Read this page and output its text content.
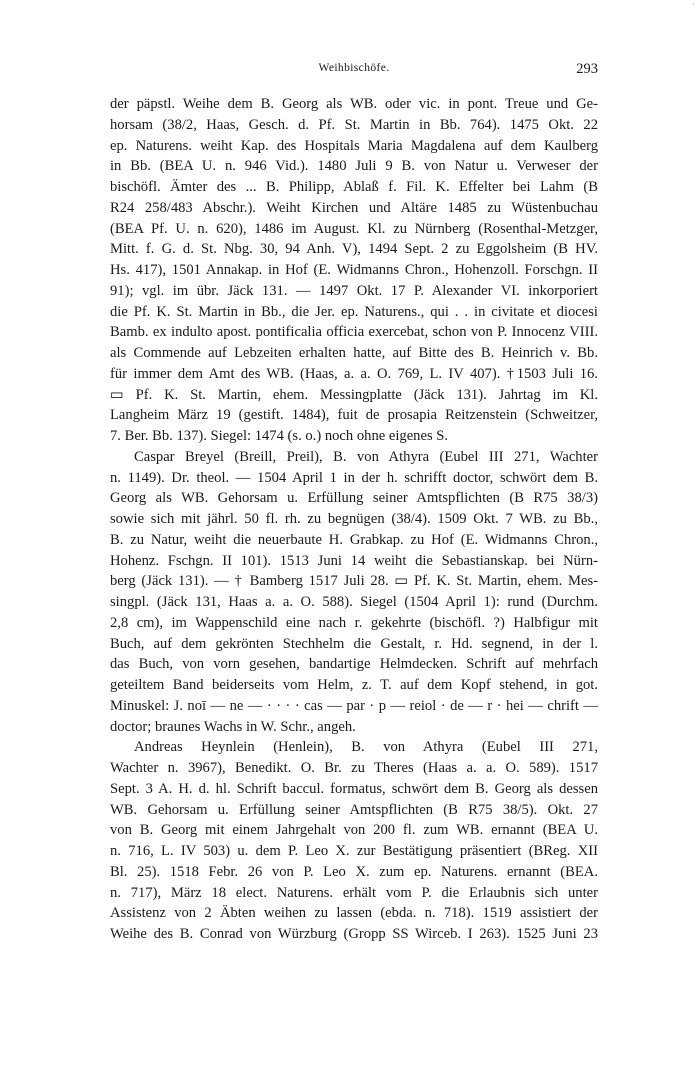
'
Weihbischöfe.	293
der päpstl. Weihe dem B. Georg als WB. oder vic. in pont. Treue und Ge-
horsam (38/2, Haas, Gesch. d. Pf. St. Martin in Bb. 764). 1475 Okt. 22
ep. Naturens. weiht Kap. des Hospitals Maria Magdalena auf dem Kaulberg
in Bb. (BEA U. n. 946 Vid.). 1480 Juli 9 B. von Natur u. Verweser der
bischöfl. Ämter des ... B. Philipp, Ablaß f. Fil. K. Effelter bei Lahm (B
R24 258/483 Abschr.). Weiht Kirchen und Altäre 1485 zu Wüstenbuchau
(BEA Pf. U. n. 620), 1486 im August. Kl. zu Nürnberg (Rosenthal-Metzger,
Mitt. f. G. d. St. Nbg. 30, 94 Anh. V), 1494 Sept. 2 zu Eggolsheim (B HV.
Hs. 417), 1501 Annakap. in Hof (E. Widmanns Chron., Hohenzoll. Forschgn. II
91); vgl. im übr. Jäck 131. — 1497 Okt. 17 P. Alexander VI. inkorporiert
die Pf. K. St. Martin in Bb., die Jer. ep. Naturens., qui . . in civitate et diocesi
Bamb. ex indulto apost. pontificalia officia exercebat, schon von P. Innocenz VIII.
als Commende auf Lebzeiten erhalten hatte, auf Bitte des B. Heinrich v. Bb.
für immer dem Amt des WB. (Haas, a. a. O. 769, L. IV 407). †1503 Juli 16.
▭ Pf. K. St. Martin, ehem. Messingplatte (Jäck 131). Jahrtag im Kl.
Langheim März 19 (gestift. 1484), fuit de prosapia Reitzenstein (Schweitzer,
7. Ber. Bb. 137). Siegel: 1474 (s. o.) noch ohne eigenes S.
Caspar Breyel (Breill, Preil), B. von Athyra (Eubel III 271, Wachter
n. 1149). Dr. theol. — 1504 April 1 in der h. schrifft doctor, schwört dem B.
Georg als WB. Gehorsam u. Erfüllung seiner Amtspflichten (B R75 38/3)
sowie sich mit jährl. 50 fl. rh. zu begnügen (38/4). 1509 Okt. 7 WB. zu Bb.,
B. zu Natur, weiht die neuerbaute H. Grabkap. zu Hof (E. Widmanns Chron.,
Hohenz. Fschgn. II 101). 1513 Juni 14 weiht die Sebastianskap. bei Nürn-
berg (Jäck 131). — † Bamberg 1517 Juli 28. ▭ Pf. K. St. Martin, ehem. Mes-
singpl. (Jäck 131, Haas a. a. O. 588). Siegel (1504 April 1): rund (Durchm.
2,8 cm), im Wappenschild eine nach r. gekehrte (bischöfl. ?) Halbfigur mit
Buch, auf dem gekrönten Stechhelm die Gestalt, r. Hd. segnend, in der l.
das Buch, von vorn gesehen, bandartige Helmdecken. Schrift auf mehrfach
geteiltem Band beiderseits vom Helm, z. T. auf dem Kopf stehend, in got.
Minuskel: J. noī — ne — · · · · cas — par · p — reiol · de — r · hei — chrift —
doctor; braunes Wachs in W. Schr., angeh.
Andreas Heynlein (Henlein), B. von Athyra (Eubel III 271,
Wachter n. 3967), Benedikt. O. Br. zu Theres (Haas a. a. O. 589). 1517
Sept. 3 A. H. d. hl. Schrift baccul. formatus, schwört dem B. Georg als dessen
WB. Gehorsam u. Erfüllung seiner Amtspflichten (B R75 38/5). Okt. 27
von B. Georg mit einem Jahrgehalt von 200 fl. zum WB. ernannt (BEA U.
n. 716, L. IV 503) u. dem P. Leo X. zur Bestätigung präsentiert (BReg. XII
Bl. 25). 1518 Febr. 26 von P. Leo X. zum ep. Naturens. ernannt (BEA.
n. 717), März 18 elect. Naturens. erhält vom P. die Erlaubnis sich unter
Assistenz von 2 Äbten weihen zu lassen (ebda. n. 718). 1519 assistiert der
Weihe des B. Conrad von Würzburg (Gropp SS Wirceb. I 263). 1525 Juni 23
